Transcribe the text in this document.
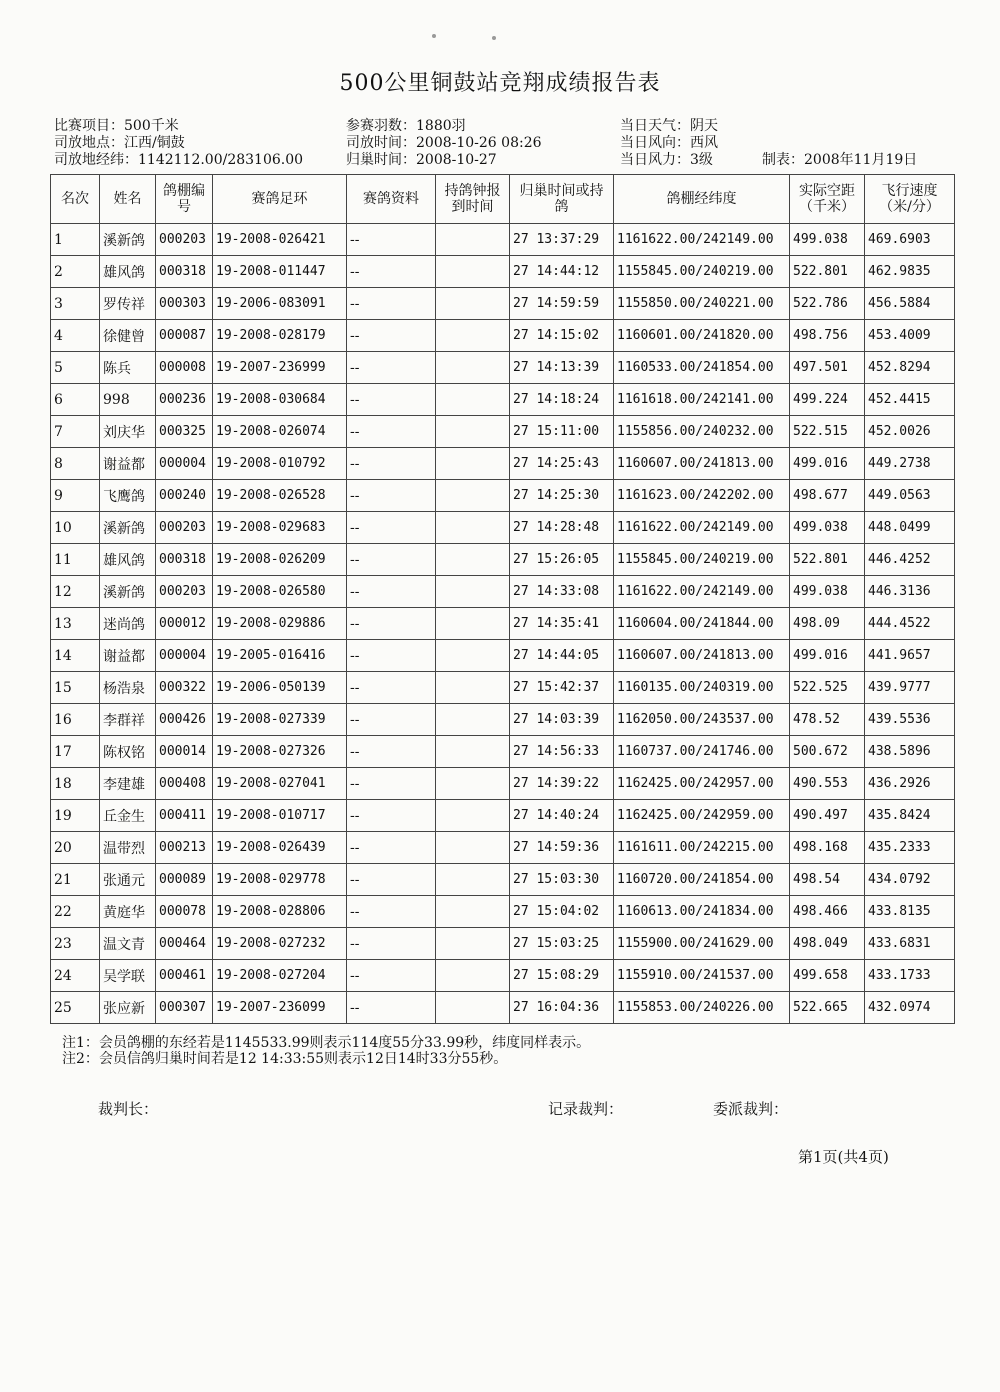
500公里铜鼓站竞翔成绩报告表
比赛项目：500千米
司放地点：江西/铜鼓
司放地经纬：1142112.00/283106.00
参赛羽数：1880羽
司放时间：2008-10-26 08:26
归巢时间：2008-10-27
当日天气：阴天
当日风向：西风
当日风力：3级	制表：2008年11月19日
名次	姓名	鸽棚编号	赛鸽足环	赛鸽资料	持鸽钟报到时间	归巢时间或持鸽	鸽棚经纬度	实际空距（千米）	飞行速度（米/分）
1	溪新鸽	000203	19-2008-026421	--		27 13:37:29	1161622.00/242149.00	499.038	469.6903
2	雄风鸽	000318	19-2008-011447	--		27 14:44:12	1155845.00/240219.00	522.801	462.9835
3	罗传祥	000303	19-2006-083091	--		27 14:59:59	1155850.00/240221.00	522.786	456.5884
4	徐健曾	000087	19-2008-028179	--		27 14:15:02	1160601.00/241820.00	498.756	453.4009
5	陈兵	000008	19-2007-236999	--		27 14:13:39	1160533.00/241854.00	497.501	452.8294
6	998	000236	19-2008-030684	--		27 14:18:24	1161618.00/242141.00	499.224	452.4415
7	刘庆华	000325	19-2008-026074	--		27 15:11:00	1155856.00/240232.00	522.515	452.0026
8	谢益都	000004	19-2008-010792	--		27 14:25:43	1160607.00/241813.00	499.016	449.2738
9	飞鹰鸽	000240	19-2008-026528	--		27 14:25:30	1161623.00/242202.00	498.677	449.0563
10	溪新鸽	000203	19-2008-029683	--		27 14:28:48	1161622.00/242149.00	499.038	448.0499
11	雄风鸽	000318	19-2008-026209	--		27 15:26:05	1155845.00/240219.00	522.801	446.4252
12	溪新鸽	000203	19-2008-026580	--		27 14:33:08	1161622.00/242149.00	499.038	446.3136
13	迷尚鸽	000012	19-2008-029886	--		27 14:35:41	1160604.00/241844.00	498.09	444.4522
14	谢益都	000004	19-2005-016416	--		27 14:44:05	1160607.00/241813.00	499.016	441.9657
15	杨浩泉	000322	19-2006-050139	--		27 15:42:37	1160135.00/240319.00	522.525	439.9777
16	李群祥	000426	19-2008-027339	--		27 14:03:39	1162050.00/243537.00	478.52	439.5536
17	陈权铭	000014	19-2008-027326	--		27 14:56:33	1160737.00/241746.00	500.672	438.5896
18	李建雄	000408	19-2008-027041	--		27 14:39:22	1162425.00/242957.00	490.553	436.2926
19	丘金生	000411	19-2008-010717	--		27 14:40:24	1162425.00/242959.00	490.497	435.8424
20	温带烈	000213	19-2008-026439	--		27 14:59:36	1161611.00/242215.00	498.168	435.2333
21	张通元	000089	19-2008-029778	--		27 15:03:30	1160720.00/241854.00	498.54	434.0792
22	黄庭华	000078	19-2008-028806	--		27 15:04:02	1160613.00/241834.00	498.466	433.8135
23	温文青	000464	19-2008-027232	--		27 15:03:25	1155900.00/241629.00	498.049	433.6831
24	吴学联	000461	19-2008-027204	--		27 15:08:29	1155910.00/241537.00	499.658	433.1733
25	张应新	000307	19-2007-236099	--		27 16:04:36	1155853.00/240226.00	522.665	432.0974
注1：会员鸽棚的东经若是1145533.99则表示114度55分33.99秒，纬度同样表示。
注2：会员信鸽归巢时间若是12 14:33:55则表示12日14时33分55秒。
裁判长：	记录裁判：	委派裁判：
第1页(共4页)
